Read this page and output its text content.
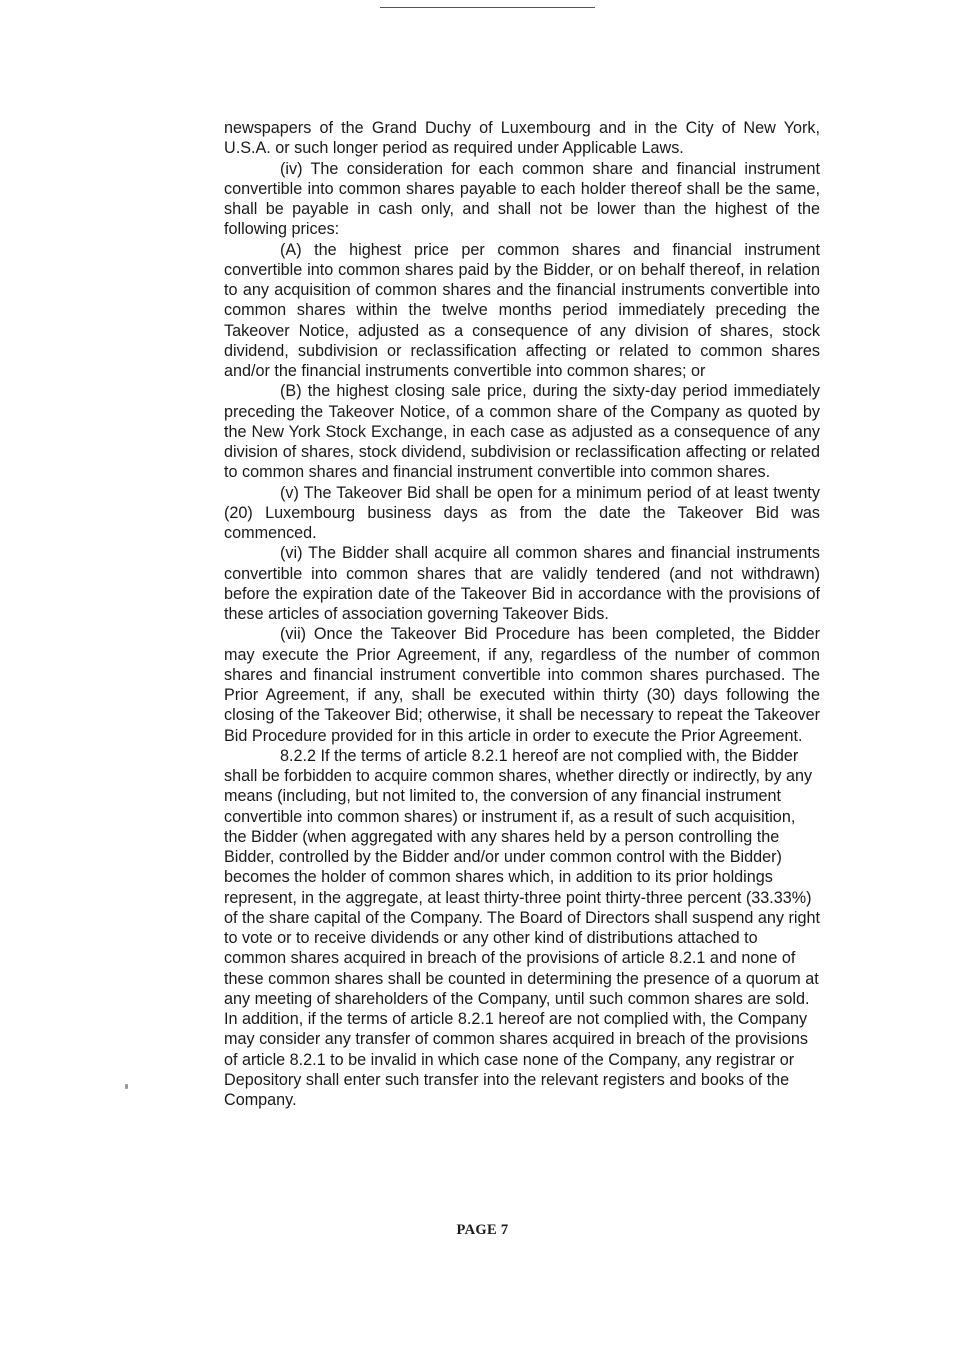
newspapers of the Grand Duchy of Luxembourg and in the City of New York, U.S.A. or such longer period as required under Applicable Laws.

(iv) The consideration for each common share and financial instrument convertible into common shares payable to each holder thereof shall be the same, shall be payable in cash only, and shall not be lower than the highest of the following prices:

(A) the highest price per common shares and financial instrument convertible into common shares paid by the Bidder, or on behalf thereof, in relation to any acquisition of common shares and the financial instruments convertible into common shares within the twelve months period immediately preceding the Takeover Notice, adjusted as a consequence of any division of shares, stock dividend, subdivision or reclassification affecting or related to common shares and/or the financial instruments convertible into common shares; or

(B) the highest closing sale price, during the sixty-day period immediately preceding the Takeover Notice, of a common share of the Company as quoted by the New York Stock Exchange, in each case as adjusted as a consequence of any division of shares, stock dividend, subdivision or reclassification affecting or related to common shares and financial instrument convertible into common shares.

(v) The Takeover Bid shall be open for a minimum period of at least twenty (20) Luxembourg business days as from the date the Takeover Bid was commenced.

(vi) The Bidder shall acquire all common shares and financial instruments convertible into common shares that are validly tendered (and not withdrawn) before the expiration date of the Takeover Bid in accordance with the provisions of these articles of association governing Takeover Bids.

(vii) Once the Takeover Bid Procedure has been completed, the Bidder may execute the Prior Agreement, if any, regardless of the number of common shares and financial instrument convertible into common shares purchased. The Prior Agreement, if any, shall be executed within thirty (30) days following the closing of the Takeover Bid; otherwise, it shall be necessary to repeat the Takeover Bid Procedure provided for in this article in order to execute the Prior Agreement.

8.2.2 If the terms of article 8.2.1 hereof are not complied with, the Bidder shall be forbidden to acquire common shares, whether directly or indirectly, by any means (including, but not limited to, the conversion of any financial instrument convertible into common shares) or instrument if, as a result of such acquisition, the Bidder (when aggregated with any shares held by a person controlling the Bidder, controlled by the Bidder and/or under common control with the Bidder) becomes the holder of common shares which, in addition to its prior holdings represent, in the aggregate, at least thirty-three point thirty-three percent (33.33%) of the share capital of the Company. The Board of Directors shall suspend any right to vote or to receive dividends or any other kind of distributions attached to common shares acquired in breach of the provisions of article 8.2.1 and none of these common shares shall be counted in determining the presence of a quorum at any meeting of shareholders of the Company, until such common shares are sold. In addition, if the terms of article 8.2.1 hereof are not complied with, the Company may consider any transfer of common shares acquired in breach of the provisions of article 8.2.1 to be invalid in which case none of the Company, any registrar or Depository shall enter such transfer into the relevant registers and books of the Company.

PAGE 7
